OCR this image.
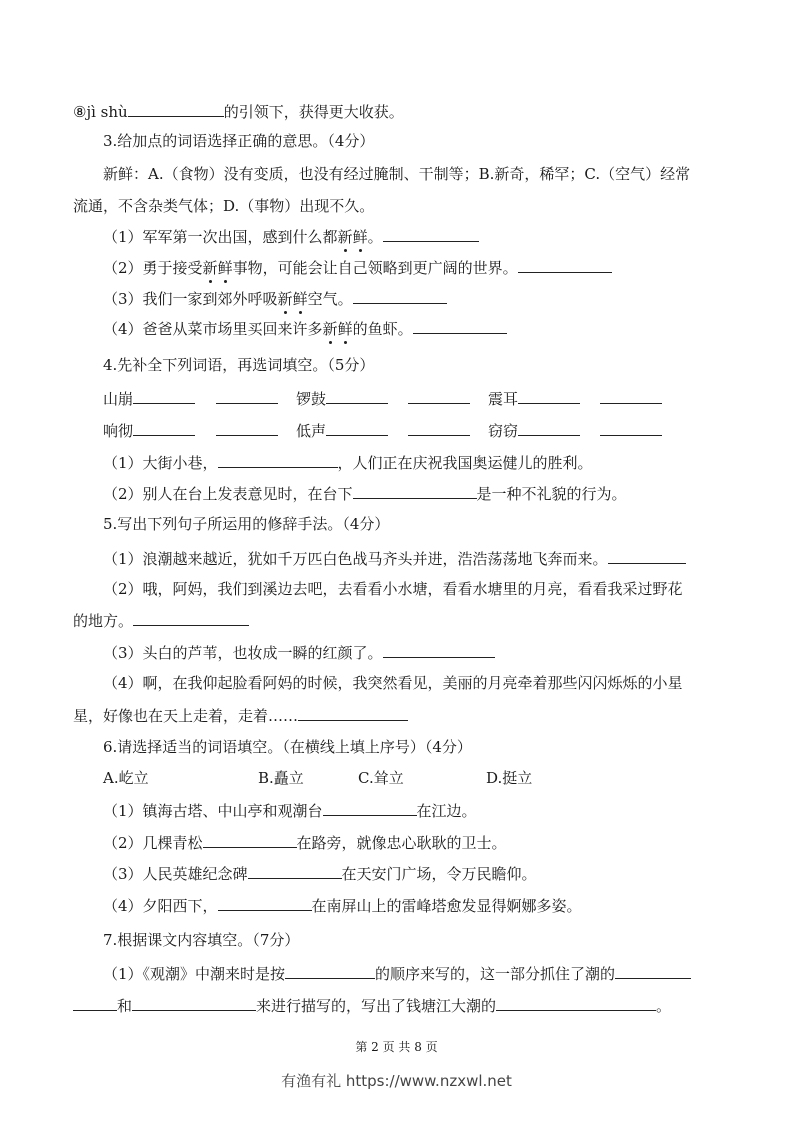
⑧jì shù	的引领下，获得更大收获。
3.给加点的词语选择正确的意思。（4分）
新鲜：A.（食物）没有变质，也没有经过腌制、干制等；B.新奇，稀罕；C.（空气）经常
流通，不含杂类气体；D.（事物）出现不久。
（1）军军第一次出国，感到什么都新鲜。
（2）勇于接受新鲜事物，可能会让自己领略到更广阔的世界。
（3）我们一家到郊外呼吸新鲜空气。
（4）爸爸从菜市场里买回来许多新鲜的鱼虾。
4.先补全下列词语，再选词填空。（5分）
山崩	锣鼓	震耳
响彻	低声	窃窃
（1）大街小巷，	，人们正在庆祝我国奥运健儿的胜利。
（2）别人在台上发表意见时，在台下	是一种不礼貌的行为。
5.写出下列句子所运用的修辞手法。（4分）
（1）浪潮越来越近，犹如千万匹白色战马齐头并进，浩浩荡荡地飞奔而来。
（2）哦，阿妈，我们到溪边去吧，去看看小水塘，看看水塘里的月亮，看看我采过野花
的地方。
（3）头白的芦苇，也妆成一瞬的红颜了。
（4）啊，在我仰起脸看阿妈的时候，我突然看见，美丽的月亮牵着那些闪闪烁烁的小星
星，好像也在天上走着，走着……
6.请选择适当的词语填空。（在横线上填上序号）（4分）
A.屹立	B.矗立	C.耸立	D.挺立
（1）镇海古塔、中山亭和观潮台	在江边。
（2）几棵青松	在路旁，就像忠心耿耿的卫士。
（3）人民英雄纪念碑	在天安门广场，令万民瞻仰。
（4）夕阳西下，	在南屏山上的雷峰塔愈发显得婀娜多姿。
7.根据课文内容填空。（7分）
（1）《观潮》中潮来时是按	的顺序来写的，这一部分抓住了潮的
和	来进行描写的，写出了钱塘江大潮的	。
第 2 页 共 8 页
有渔有礼 https://www.nzxwl.net
